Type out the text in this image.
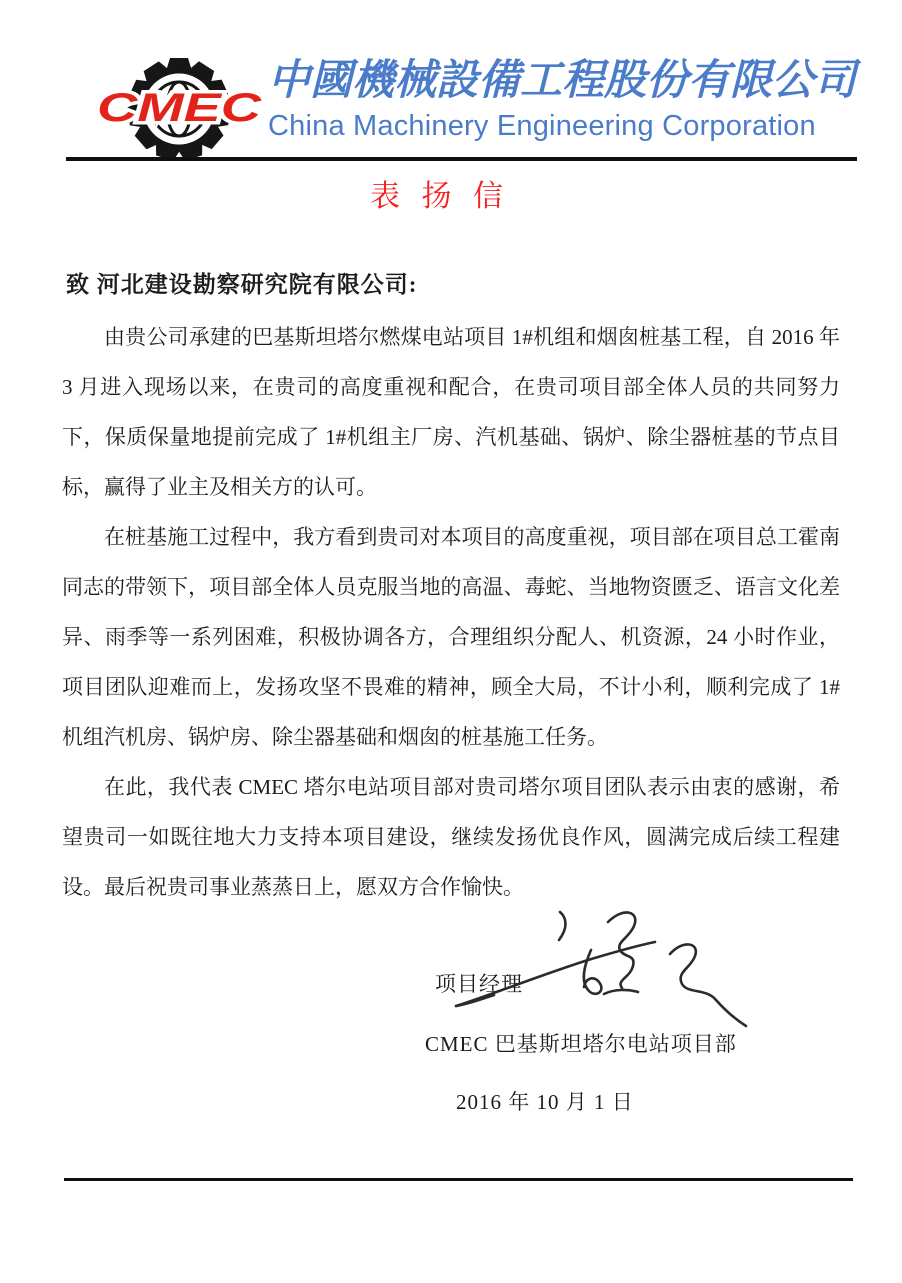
CMEC
中國機械設備工程股份有限公司
China Machinery Engineering Corporation
表 扬 信
致 河北建设勘察研究院有限公司:

由贵公司承建的巴基斯坦塔尔燃煤电站项目 1#机组和烟囱桩基工程，自 2016 年 3 月进入现场以来，在贵司的高度重视和配合，在贵司项目部全体人员的共同努力下，保质保量地提前完成了 1#机组主厂房、汽机基础、锅炉、除尘器桩基的节点目标，赢得了业主及相关方的认可。

在桩基施工过程中，我方看到贵司对本项目的高度重视，项目部在项目总工霍南同志的带领下，项目部全体人员克服当地的高温、毒蛇、当地物资匮乏、语言文化差异、雨季等一系列困难，积极协调各方，合理组织分配人、机资源，24 小时作业，项目团队迎难而上，发扬攻坚不畏难的精神，顾全大局，不计小利，顺利完成了 1#机组汽机房、锅炉房、除尘器基础和烟囱的桩基施工任务。

在此，我代表 CMEC 塔尔电站项目部对贵司塔尔项目团队表示由衷的感谢，希望贵司一如既往地大力支持本项目建设，继续发扬优良作风，圆满完成后续工程建设。最后祝贵司事业蒸蒸日上，愿双方合作愉快。

项目经理
CMEC 巴基斯坦塔尔电站项目部
2016 年 10 月 1 日
